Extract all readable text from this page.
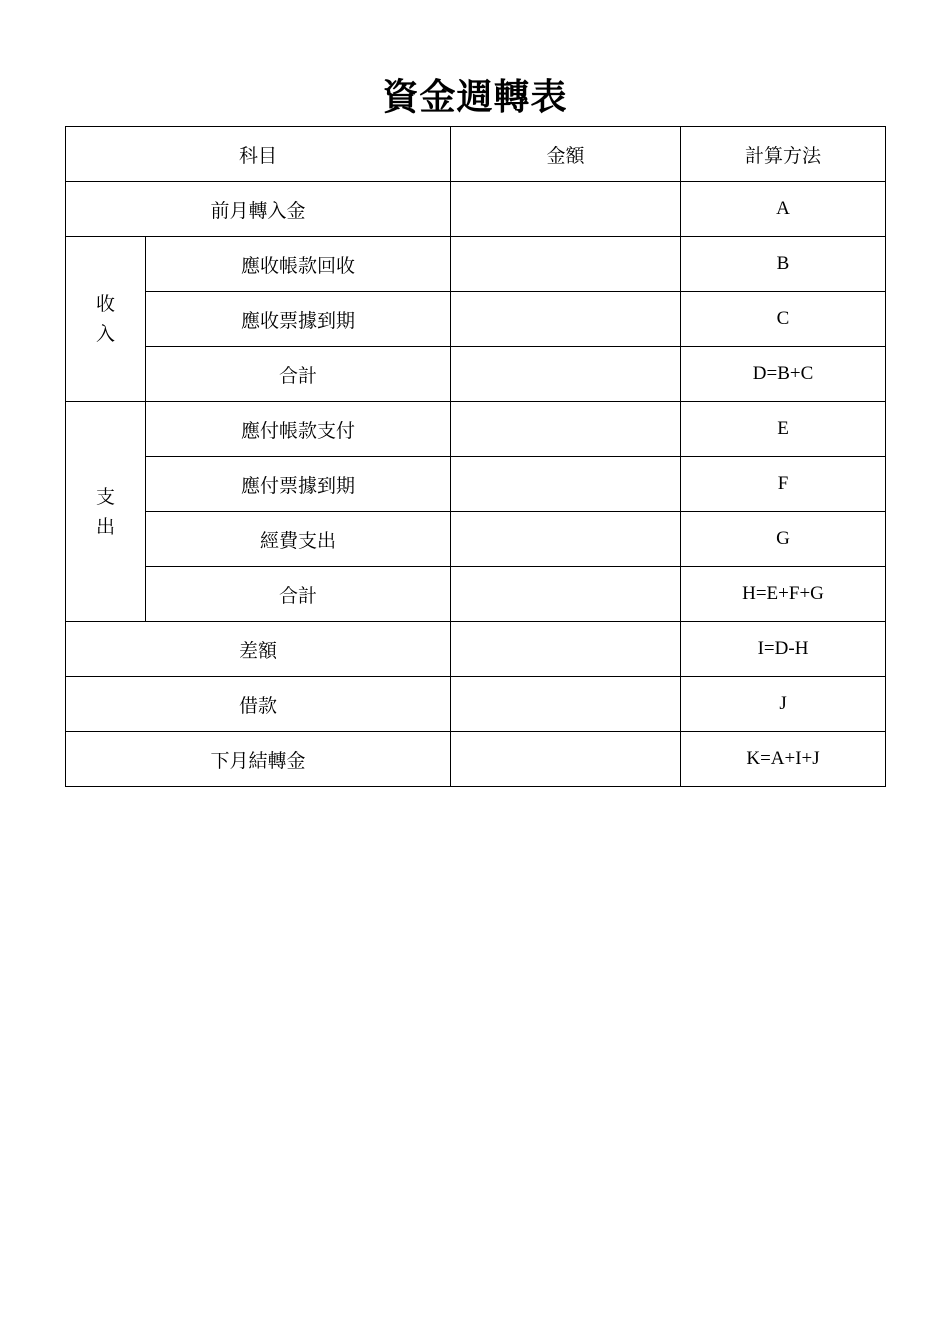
資金週轉表
科目		金額	計算方法
前月轉入金			A

收
入	應收帳款回收		B
	應收票據到期		C
	合計		D=B+C

支
出	應付帳款支付		E
	應付票據到期		F
	經費支出		G
	合計		H=E+F+G
差額			I=D-H
借款			J
下月結轉金			K=A+I+J
